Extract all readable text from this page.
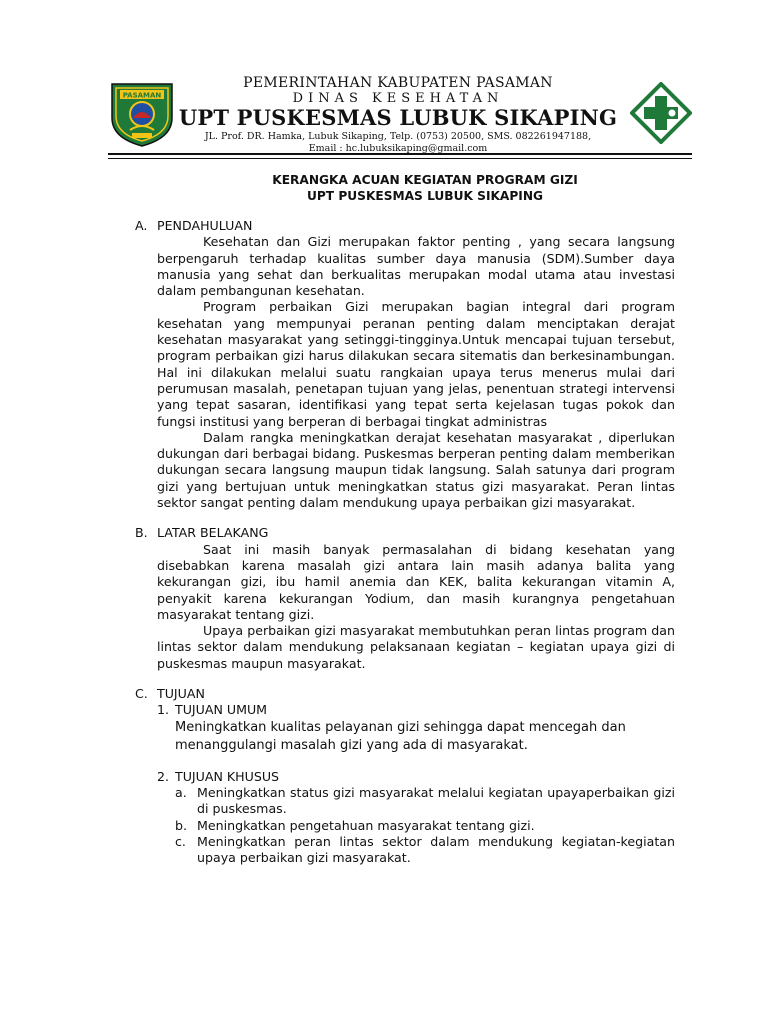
PASAMAN
PEMERINTAHAN KABUPATEN PASAMAN
DINAS KESEHATAN
UPT PUSKESMAS LUBUK SIKAPING
JL. Prof. DR. Hamka, Lubuk Sikaping, Telp. (0753) 20500, SMS. 082261947188,
Email : hc.lubuksikaping@gmail.com
KERANGKA ACUAN KEGIATAN PROGRAM GIZI
UPT PUSKESMAS LUBUK SIKAPING
A. PENDAHULUAN
Kesehatan dan Gizi merupakan faktor penting , yang secara langsung berpengaruh terhadap kualitas sumber daya manusia (SDM).Sumber daya manusia yang sehat dan berkualitas merupakan modal utama atau investasi dalam pembangunan kesehatan.
Program perbaikan Gizi merupakan bagian integral dari program kesehatan yang mempunyai peranan penting dalam menciptakan derajat kesehatan masyarakat yang setinggi-tingginya.Untuk mencapai tujuan tersebut, program perbaikan gizi harus dilakukan secara sitematis dan berkesinambungan. Hal ini dilakukan melalui suatu rangkaian upaya terus menerus mulai dari perumusan masalah, penetapan tujuan yang jelas, penentuan strategi intervensi yang tepat sasaran, identifikasi yang tepat serta kejelasan tugas pokok dan fungsi institusi yang berperan di berbagai tingkat administras
Dalam rangka meningkatkan derajat kesehatan masyarakat , diperlukan dukungan dari berbagai bidang. Puskesmas berperan penting dalam memberikan dukungan secara langsung maupun tidak langsung. Salah satunya dari program gizi yang bertujuan untuk meningkatkan status gizi masyarakat. Peran lintas sektor sangat penting dalam mendukung upaya perbaikan gizi masyarakat.
B. LATAR BELAKANG
Saat ini masih banyak permasalahan di bidang kesehatan yang disebabkan karena masalah gizi antara lain masih adanya balita yang kekurangan gizi, ibu hamil anemia dan KEK, balita kekurangan vitamin A, penyakit karena kekurangan Yodium, dan masih kurangnya pengetahuan masyarakat tentang gizi.
Upaya perbaikan gizi masyarakat membutuhkan peran lintas program dan lintas sektor dalam mendukung pelaksanaan kegiatan – kegiatan upaya gizi di puskesmas maupun masyarakat.
C. TUJUAN
1. TUJUAN UMUM
Meningkatkan kualitas pelayanan gizi sehingga dapat mencegah dan menanggulangi masalah gizi yang ada di masyarakat.
2. TUJUAN KHUSUS
a. Meningkatkan status gizi masyarakat melalui kegiatan upayaperbaikan gizi di puskesmas.
b. Meningkatkan pengetahuan masyarakat tentang gizi.
c. Meningkatkan peran lintas sektor dalam mendukung kegiatan-kegiatan upaya perbaikan gizi masyarakat.
